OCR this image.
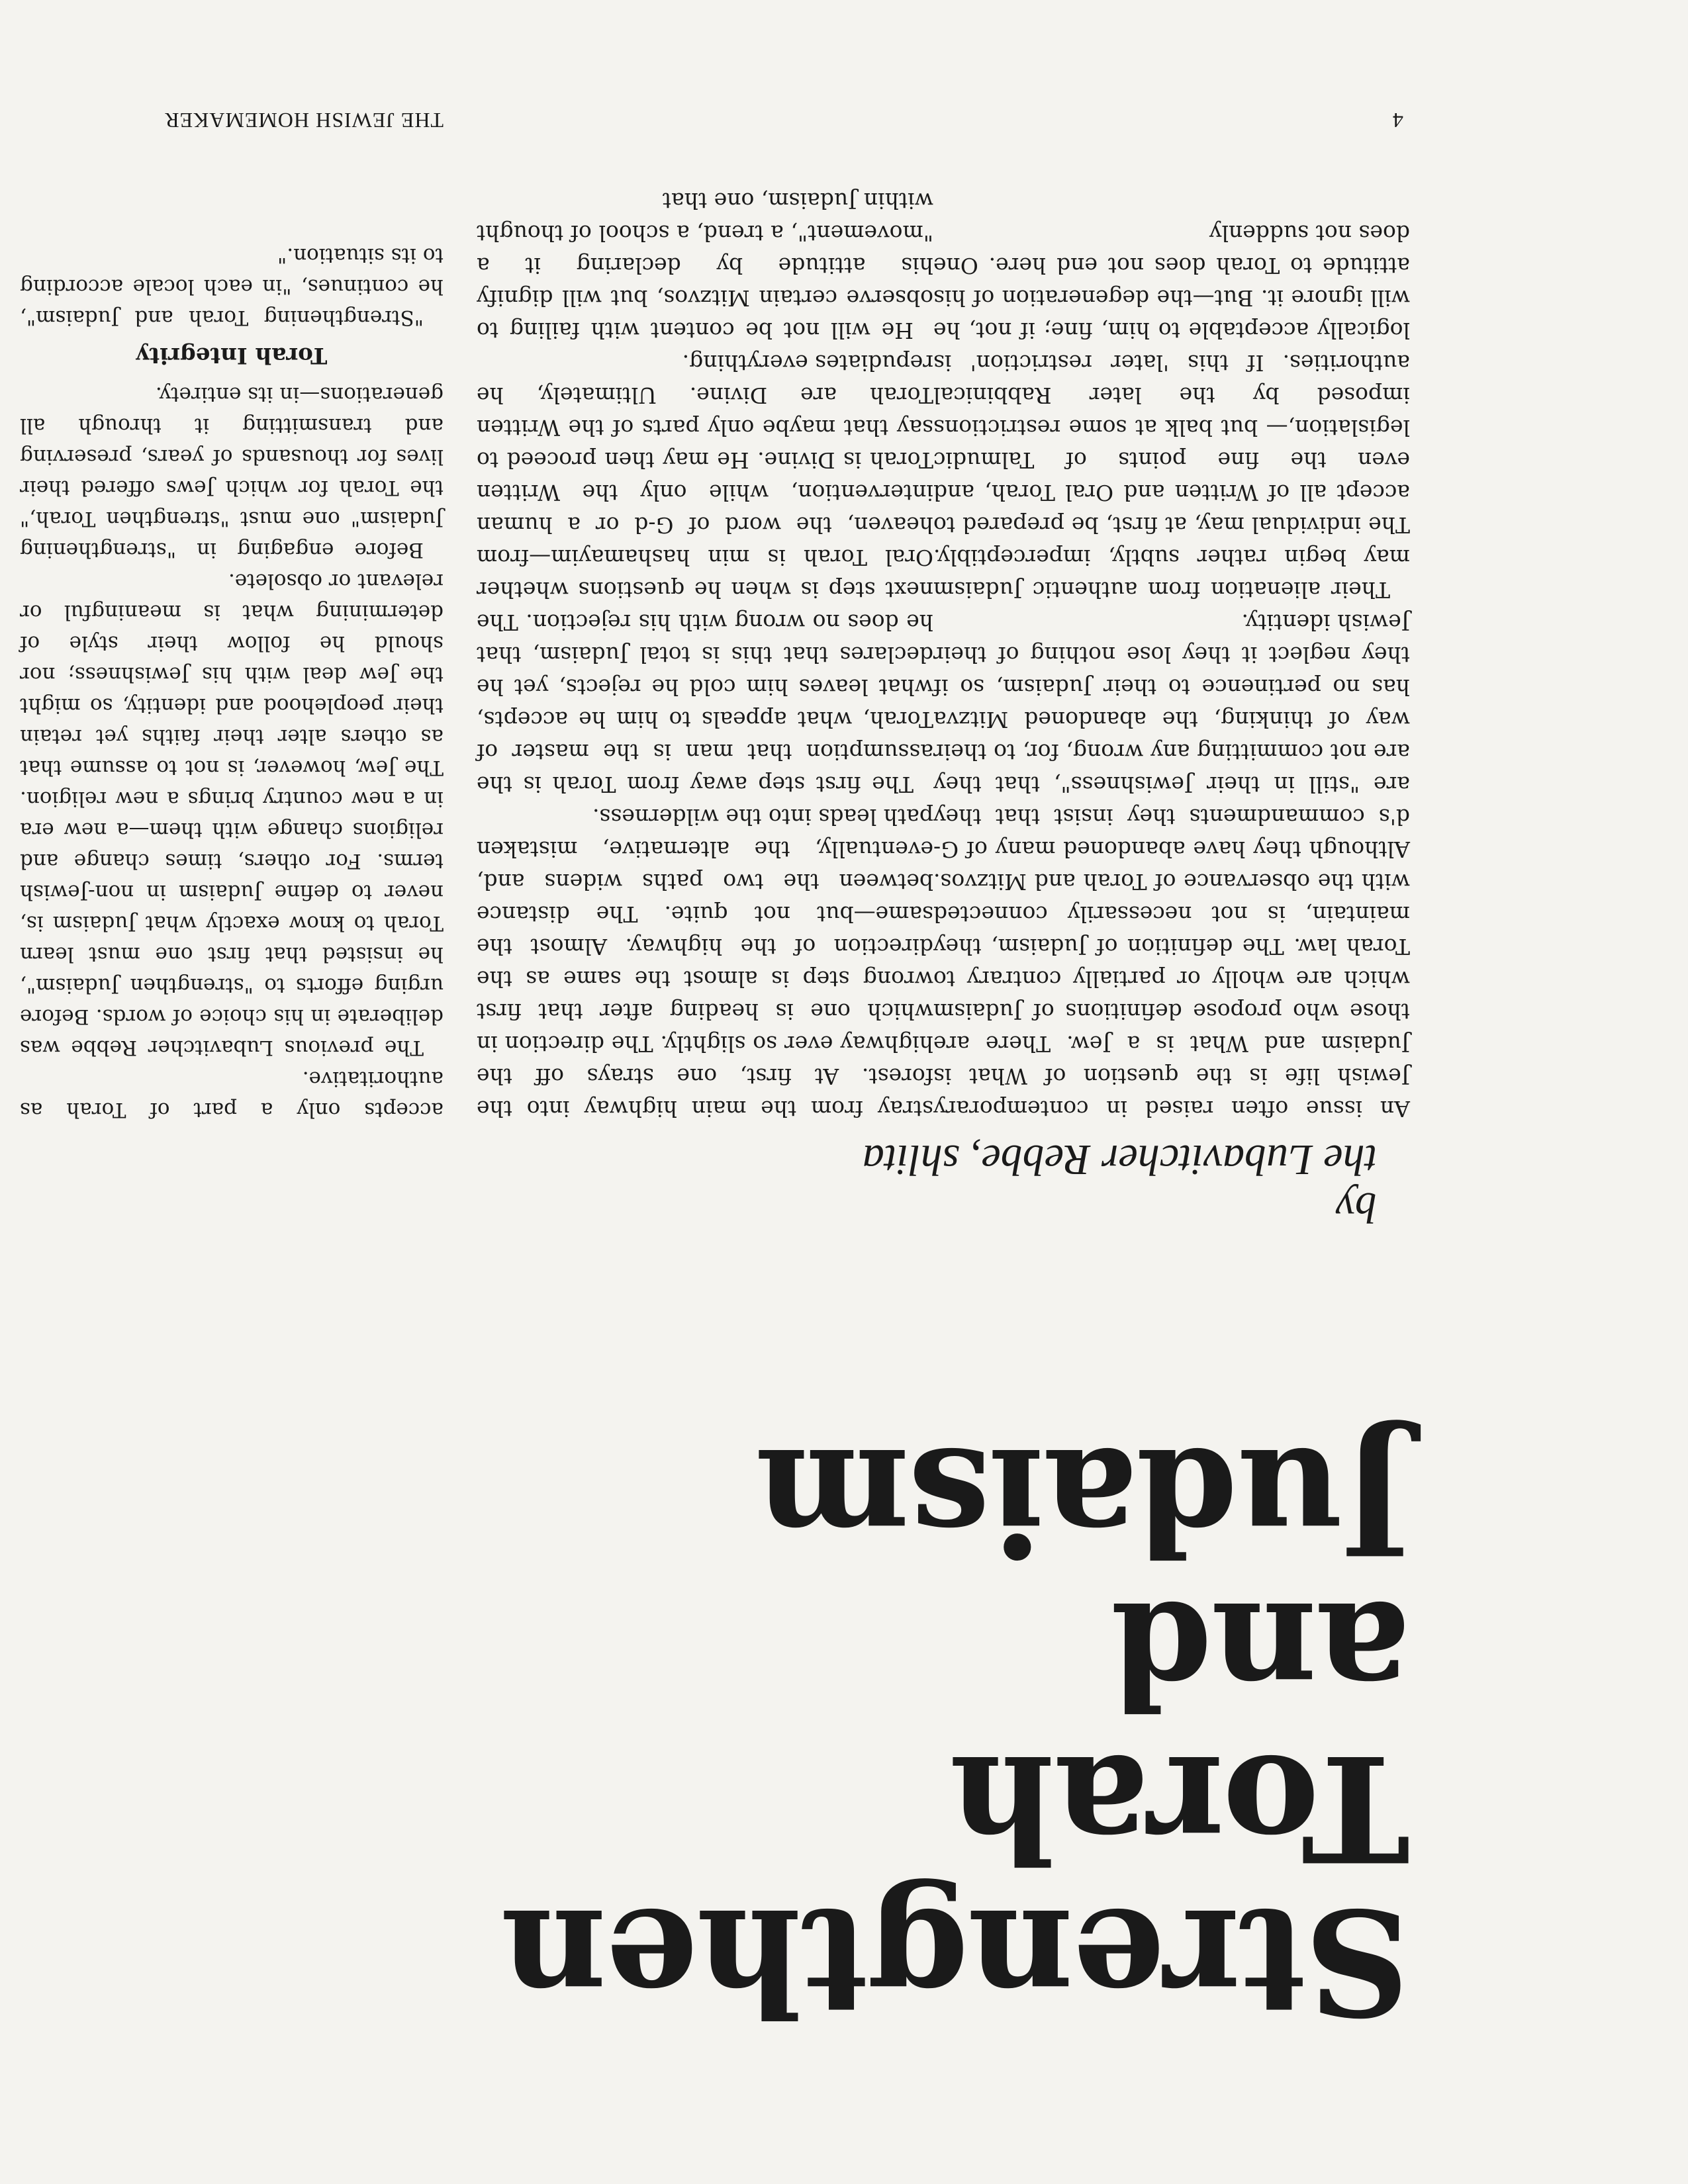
Strengthen
Torah
and
Judaism
by
the Lubavitcher Rebbe, shlita

An issue often raised in contemporary Jewish life is the question of What is Judaism and What is a Jew. There are those who propose definitions of Judaism which are wholly or partially contrary to Torah law. The definition of Judaism, they maintain, is not necessarily connected with the observance of Torah and Mitzvos. Although they have abandoned many of G-d's commandments they insist that they are "still in their Jewishness", that they are not committing any wrong, for, to their way of thinking, the abandoned Mitzva has no pertinence to their Judaism, so if they neglect it they lose nothing of their Jewish identity.

Their alienation from authentic Judaism may begin rather subtly, imperceptibly. The individual may, at first, be prepared to accept all of Written and Oral Torah, and even the fine points of Talmudic legislation,— but balk at some restrictions imposed by the later Rabbinical authorities. If this 'later restriction' is logically acceptable to him, fine; if not, he will ignore it. But—the degeneration of his attitude to Torah does not end here. One does not suddenly

stray from the main highway into the forest. At first, one strays off the highway ever so slightly. The direction in which one is heading after that first wrong step is almost the same as the direction of the highway. Almost the same—but not quite. The distance between the two paths widens and, eventually, the alternative, mistaken path leads into the wilderness.

The first step away from Torah is the assumption that man is the master of Torah, what appeals to him he accepts, what leaves him cold he rejects, yet he declares that this is total Judaism, that he does no wrong with his rejection. The next step is when he questions whether Oral Torah is min hashamayim—from heaven, the word of G-d or a human intervention, while only the Written Torah is Divine. He may then proceed to say that maybe only parts of the Written Torah are Divine. Ultimately, he repudiates everything.

He will not be content with failing to observe certain Mitzvos, but will dignify his attitude by declaring it a "movement", a trend, a school of thought within Judaism, one that

accepts only a part of Torah as authoritative.

The previous Lubavitcher Rebbe was deliberate in his choice of words. Before urging efforts to "strengthen Judaism", he insisted that first one must learn Torah to know exactly what Judaism is, never to define Judaism in non-Jewish terms. For others, times change and religions change with them—a new era in a new country brings a new religion. The Jew, however, is not to assume that as others alter their faiths yet retain their peoplehood and identity, so might the Jew deal with his Jewishness; nor should he follow their style of determining what is meaningful or relevant or obsolete.

Before engaging in "strengthening Judaism" one must "strengthen Torah," the Torah for which Jews offered their lives for thousands of years, preserving and transmitting it through all generations—in its entirety.

Torah Integrity

"Strengthening Torah and Judaism", he continues, "in each locale according to its situation."

4
THE JEWISH HOMEMAKER
